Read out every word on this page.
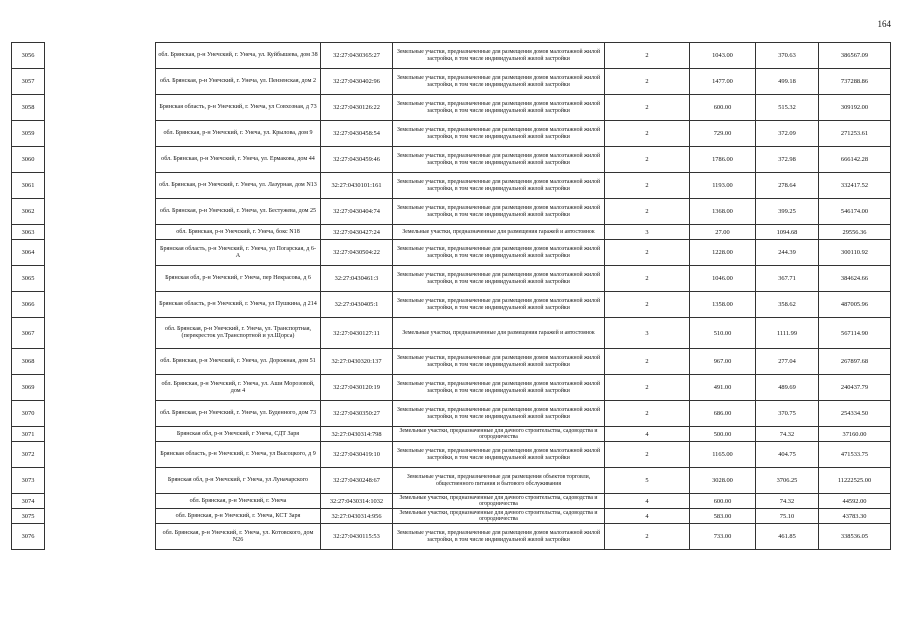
164
3056		обл. Брянская, р-н Унечский, г. Унеча, ул. Куйбышева, дом 38	32:27:0430365:27	Земельные участки, предназначенные для размещения домов малоэтажной жилой застройки, в том числе индивидуальной жилой застройки	2	1043.00	370.63	386567.09
3057		обл. Брянская, р-н Унечский, г. Унеча, ул. Пензенская, дом 2	32:27:0430402:96	Земельные участки, предназначенные для размещения домов малоэтажной жилой застройки, в том числе индивидуальной жилой застройки	2	1477.00	499.18	737288.86
3058		Брянская область, р-н Унечский, г. Унеча, ул Совхозная, д 73	32:27:0430126:22	Земельные участки, предназначенные для размещения домов малоэтажной жилой застройки, в том числе индивидуальной жилой застройки	2	600.00	515.32	309192.00
3059		обл. Брянская, р-н Унечский, г. Унеча, ул. Крылова, дом 9	32:27:0430458:54	Земельные участки, предназначенные для размещения домов малоэтажной жилой застройки, в том числе индивидуальной жилой застройки	2	729.00	372.09	271253.61
3060		обл. Брянская, р-н Унечский, г. Унеча, ул. Ермакова, дом 44	32:27:0430459:46	Земельные участки, предназначенные для размещения домов малоэтажной жилой застройки, в том числе индивидуальной жилой застройки	2	1786.00	372.98	666142.28
3061		обл. Брянская, р-н Унечский, г. Унеча, ул. Лазурная, дом N13	32:27:0430101:161	Земельные участки, предназначенные для размещения домов малоэтажной жилой застройки, в том числе индивидуальной жилой застройки	2	1193.00	278.64	332417.52
3062		обл. Брянская, р-н Унечский, г. Унеча, ул. Бестужева, дом 25	32:27:0430404:74	Земельные участки, предназначенные для размещения домов малоэтажной жилой застройки, в том числе индивидуальной жилой застройки	2	1368.00	399.25	546174.00
3063		обл. Брянская, р-н Унечский, г. Унеча, бокс N18	32:27:0430427:24	Земельные участки, предназначенные для размещения гаражей и автостоянок	3	27.00	1094.68	29556.36
3064		Брянская область, р-н Унечский, г. Унеча, ул Погарская, д 6-А	32:27:0430504:22	Земельные участки, предназначенные для размещения домов малоэтажной жилой застройки, в том числе индивидуальной жилой застройки	2	1228.00	244.39	300110.92
3065		Брянская обл, р-н Унечский, г Унеча, пер Некрасова, д 6	32:27:0430461:3	Земельные участки, предназначенные для размещения домов малоэтажной жилой застройки, в том числе индивидуальной жилой застройки	2	1046.00	367.71	384624.66
3066		Брянская область, р-н Унечский, г. Унеча, ул Пушкина, д 214	32:27:0430405:1	Земельные участки, предназначенные для размещения домов малоэтажной жилой застройки, в том числе индивидуальной жилой застройки	2	1358.00	358.62	487005.96
3067		обл. Брянская, р-н Унечский, г. Унеча, ул. Транспортная, (перекресток ул.Транспортной и ул.Щорса)	32:27:0430127:11	Земельные участки, предназначенные для размещения гаражей и автостоянок	3	510.00	1111.99	567114.90
3068		обл. Брянская, р-н Унечский, г. Унеча, ул. Дорожная, дом 51	32:27:0430320:137	Земельные участки, предназначенные для размещения домов малоэтажной жилой застройки, в том числе индивидуальной жилой застройки	2	967.00	277.04	267897.68
3069		обл. Брянская, р-н Унечский, г. Унеча, ул. Аши Морозовой, дом 4	32:27:0430120:19	Земельные участки, предназначенные для размещения домов малоэтажной жилой застройки, в том числе индивидуальной жилой застройки	2	491.00	489.69	240437.79
3070		обл. Брянская, р-н Унечский, г. Унеча, ул. Буденного, дом 73	32:27:0430350:27	Земельные участки, предназначенные для размещения домов малоэтажной жилой застройки, в том числе индивидуальной жилой застройки	2	686.00	370.75	254334.50
3071		Брянская обл, р-н Унечский, г Унеча, СДТ Заря	32:27:0430314:798	Земельные участки, предназначенные для дачного строительства, садоводства и огородничества	4	500.00	74.32	37160.00
3072		Брянская область, р-н Унечский, г. Унеча, ул Высоцкого, д 9	32:27:0430419:10	Земельные участки, предназначенные для размещения домов малоэтажной жилой застройки, в том числе индивидуальной жилой застройки	2	1165.00	404.75	471533.75
3073		Брянская обл, р-н Унечский, г Унеча, ул Луначарского	32:27:0430248:67	Земельные участки, предназначенные для размещения объектов торговли, общественного питания и бытового обслуживания	5	3028.00	3706.25	11222525.00
3074		обл. Брянская, р-н Унечский, г. Унеча	32:27:0430314:1032	Земельные участки, предназначенные для дачного строительства, садоводства и огородничества	4	600.00	74.32	44592.00
3075		обл. Брянская, р-н Унечский, г. Унеча, КСТ Заря	32:27:0430314:956	Земельные участки, предназначенные для дачного строительства, садоводства и огородничества	4	583.00	75.10	43783.30
3076		обл. Брянская, р-н Унечский, г. Унеча, ул. Котовского, дом N26	32:27:0430115:53	Земельные участки, предназначенные для размещения домов малоэтажной жилой застройки, в том числе индивидуальной жилой застройки	2	733.00	461.85	338536.05
